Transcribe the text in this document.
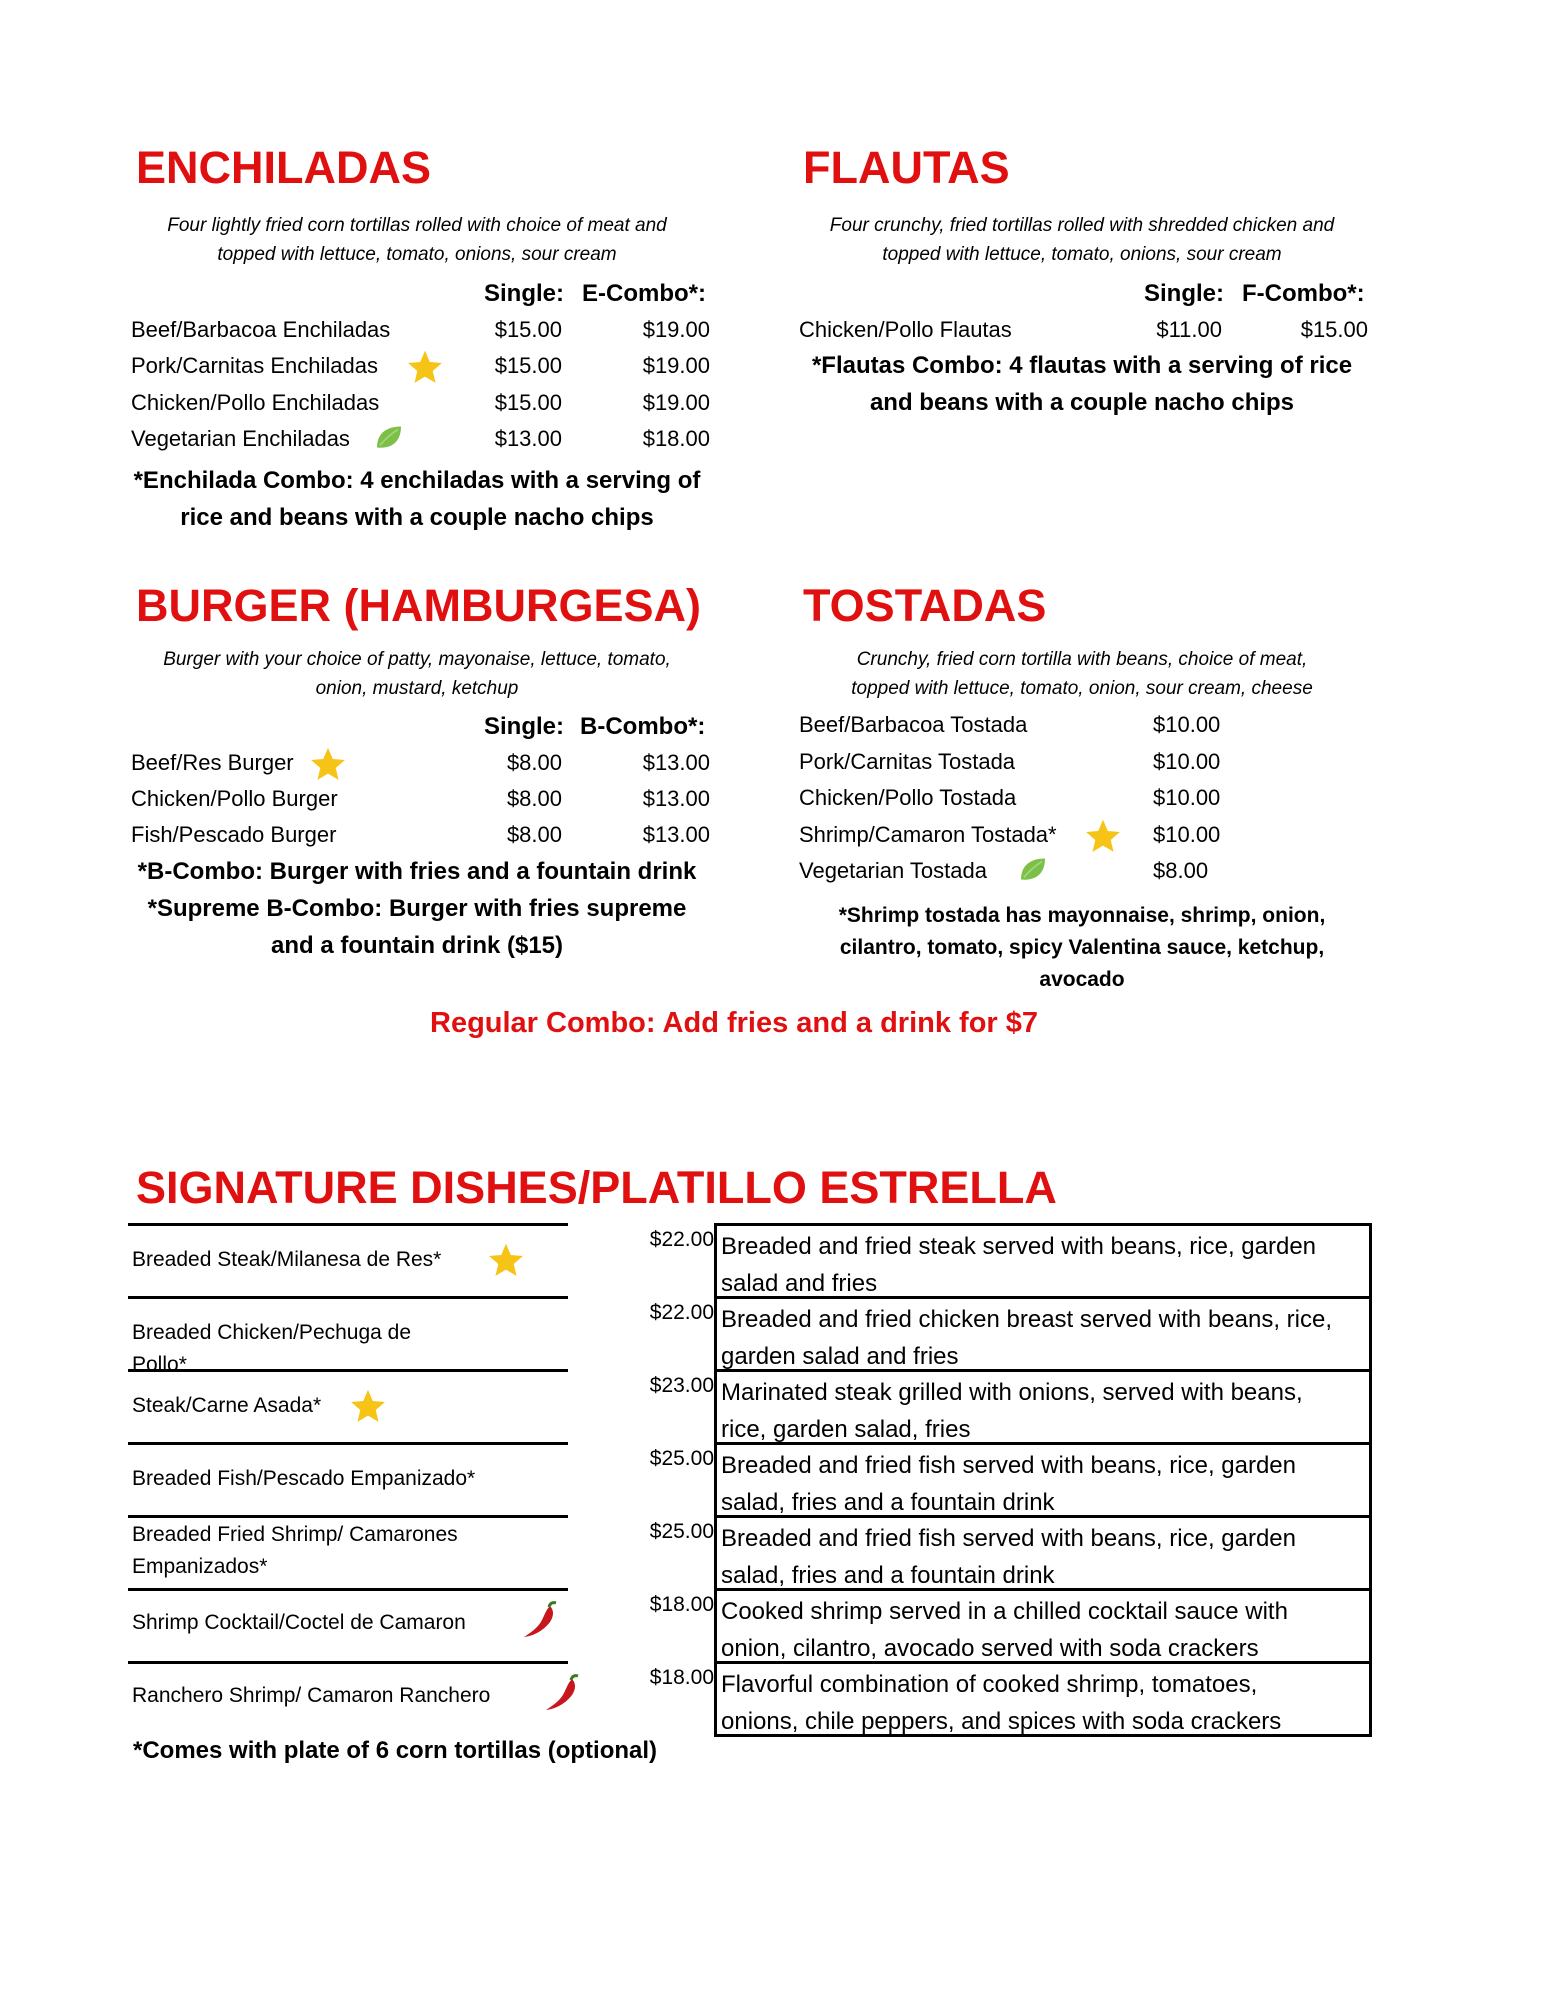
ENCHILADAS
Four lightly fried corn tortillas rolled with choice of meat and
topped with lettuce, tomato, onions, sour cream
Single: E-Combo*:
Beef/Barbacoa Enchiladas	$15.00	$19.00
Pork/Carnitas Enchiladas	$15.00	$19.00
Chicken/Pollo Enchiladas	$15.00	$19.00
Vegetarian Enchiladas	$13.00	$18.00
*Enchilada Combo: 4 enchiladas with a serving of
rice and beans with a couple nacho chips
FLAUTAS
Four crunchy, fried tortillas rolled with shredded chicken and
topped with lettuce, tomato, onions, sour cream
Single: F-Combo*:
Chicken/Pollo Flautas	$11.00	$15.00
*Flautas Combo: 4 flautas with a serving of rice
and beans with a couple nacho chips
BURGER (HAMBURGESA)
Burger with your choice of patty, mayonaise, lettuce, tomato,
onion, mustard, ketchup
Single: B-Combo*:
Beef/Res Burger	$8.00	$13.00
Chicken/Pollo Burger	$8.00	$13.00
Fish/Pescado Burger	$8.00	$13.00
*B-Combo: Burger with fries and a fountain drink
*Supreme B-Combo: Burger with fries supreme
and a fountain drink ($15)
TOSTADAS
Crunchy, fried corn tortilla with beans, choice of meat,
topped with lettuce, tomato, onion, sour cream, cheese
Beef/Barbacoa Tostada	$10.00
Pork/Carnitas Tostada	$10.00
Chicken/Pollo Tostada	$10.00
Shrimp/Camaron Tostada*	$10.00
Vegetarian Tostada	$8.00
*Shrimp tostada has mayonnaise, shrimp, onion,
cilantro, tomato, spicy Valentina sauce, ketchup,
avocado
Regular Combo: Add fries and a drink for $7
SIGNATURE DISHES/PLATILLO ESTRELLA
Breaded Steak/Milanesa de Res*
$22.00 Breaded and fried steak served with beans, rice, garden
salad and fries
Breaded Chicken/Pechuga de Pollo*
$22.00 Breaded and fried chicken breast served with beans, rice,
garden salad and fries
Steak/Carne Asada*
$23.00 Marinated steak grilled with onions, served with beans,
rice, garden salad, fries
Breaded Fish/Pescado Empanizado*
$25.00 Breaded and fried fish served with beans, rice, garden
salad, fries and a fountain drink
Breaded Fried Shrimp/ Camarones Empanizados*
$25.00 Breaded and fried fish served with beans, rice, garden
salad, fries and a fountain drink
Shrimp Cocktail/Coctel de Camaron
$18.00 Cooked shrimp served in a chilled cocktail sauce with
onion, cilantro, avocado served with soda crackers
Ranchero Shrimp/ Camaron Ranchero
$18.00 Flavorful combination of cooked shrimp, tomatoes,
onions, chile peppers, and spices with soda crackers
*Comes with plate of 6 corn tortillas (optional)
